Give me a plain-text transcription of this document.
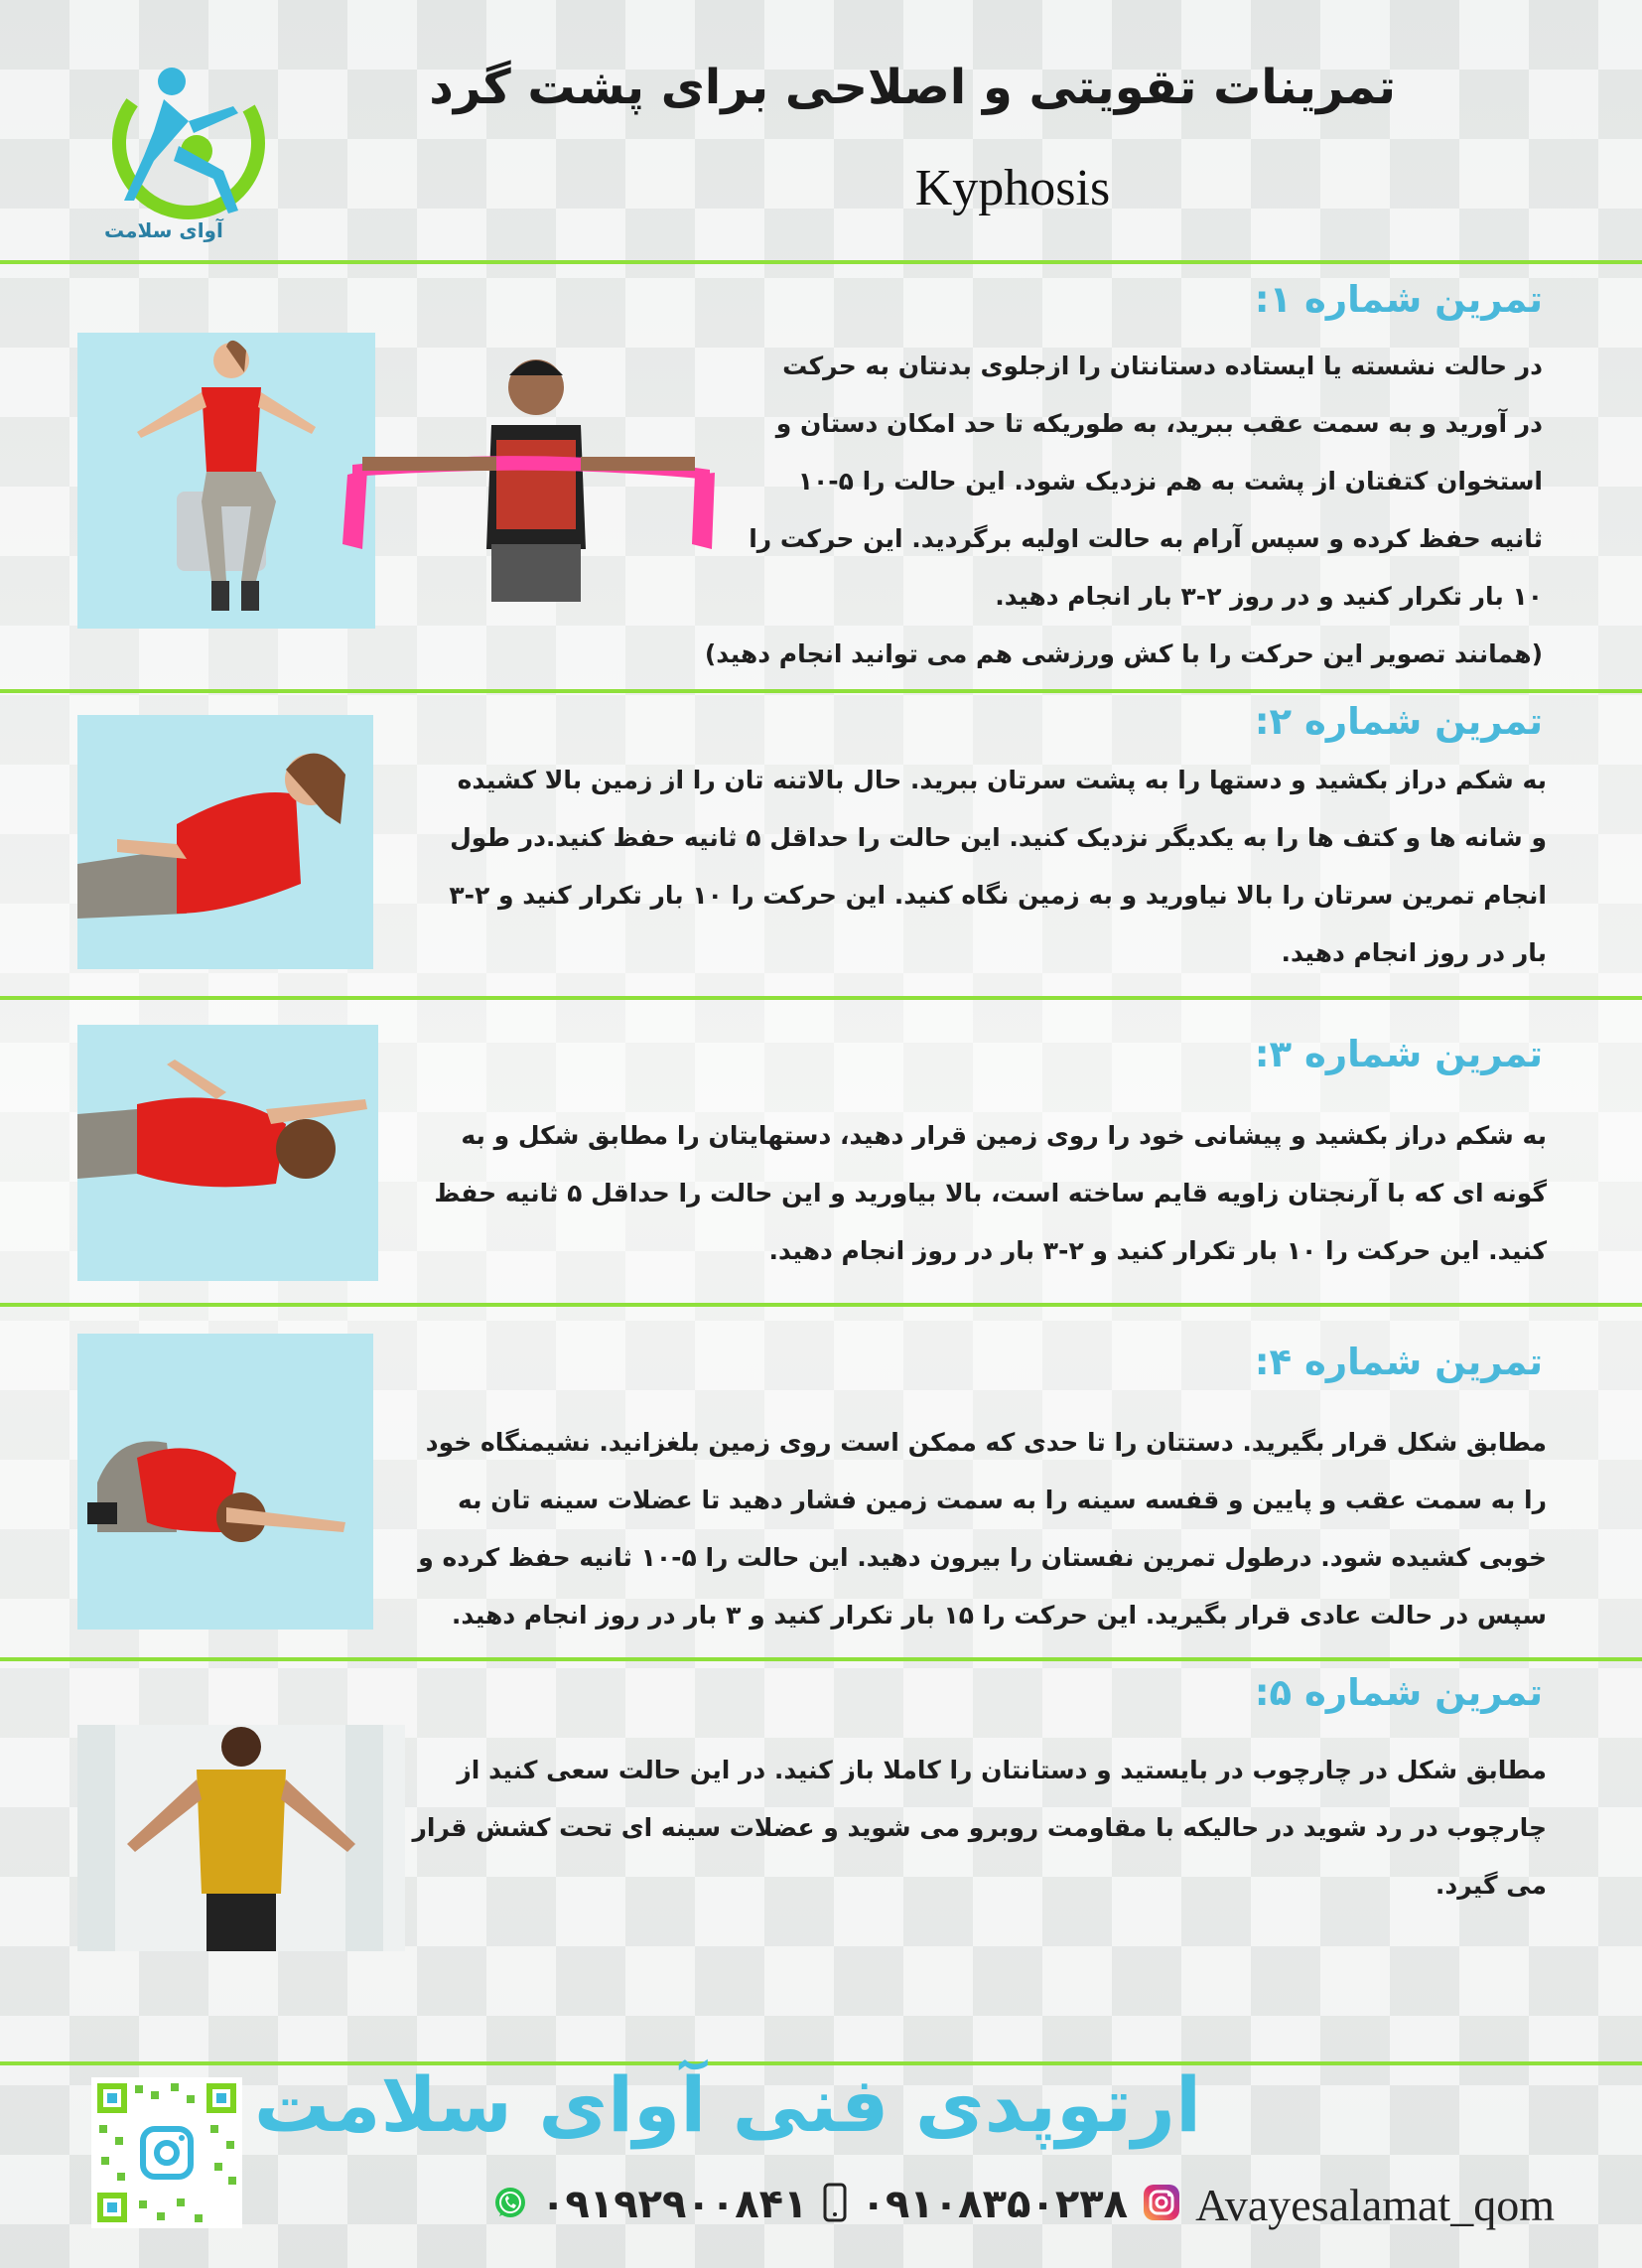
آوای سلامت
تمرینات تقویتی و اصلاحی برای پشت گرد
Kyphosis
تمرین شماره ۱:
در حالت نشسته یا ایستاده دستانتان را ازجلوی بدنتان به حرکت
در آورید و به سمت عقب ببرید، به طوریکه تا حد امکان دستان و
استخوان کتفتان از پشت به هم نزدیک شود. این حالت را ۵-۱۰
ثانیه حفظ کرده و سپس آرام به حالت اولیه برگردید. این حرکت را
۱۰ بار تکرار کنید و در روز ۲-۳ بار انجام دهید.
(همانند تصویر این حرکت را با کش ورزشی هم می توانید انجام دهید)
تمرین شماره ۲:
به شکم دراز بکشید و دستها را به پشت سرتان ببرید. حال بالاتنه تان را از زمین بالا کشیده
و شانه ها و کتف ها را به یکدیگر نزدیک کنید. این حالت را حداقل ۵ ثانیه حفظ کنید.در طول
انجام تمرین سرتان را بالا نیاورید و به زمین نگاه کنید. این حرکت را ۱۰ بار تکرار کنید و ۲-۳
بار در روز انجام دهید.
تمرین شماره ۳:
به شکم دراز بکشید و پیشانی خود را روی زمین قرار دهید، دستهایتان را مطابق شکل و به
گونه ای که با آرنجتان زاویه قایم ساخته است، بالا بیاورید و این حالت را حداقل ۵ ثانیه حفظ
کنید. این حرکت را ۱۰ بار تکرار کنید و ۲-۳ بار در روز انجام دهید.
تمرین شماره ۴:
مطابق شکل قرار بگیرید. دستتان را تا حدی که ممکن است روی زمین بلغزانید. نشیمنگاه خود
را به سمت عقب و پایین و قفسه سینه را به سمت زمین فشار دهید تا عضلات سینه تان به
خوبی کشیده شود. درطول تمرین نفستان را بیرون دهید. این حالت را ۵-۱۰ ثانیه حفظ کرده و
سپس در حالت عادی قرار بگیرید. این حرکت را ۱۵ بار تکرار کنید و ۳ بار در روز انجام دهید.
تمرین شماره ۵:
مطابق شکل در چارچوب در بایستید و دستانتان را کاملا باز کنید. در این حالت سعی کنید از
چارچوب در رد شوید در حالیکه با مقاومت روبرو می شوید و عضلات سینه ای تحت کشش قرار
می گیرد.
ارتوپدی فنی آوای سلامت
۰۹۱۹۲۹۰۰۸۴۱ ۰۹۱۰۸۳۵۰۲۳۸ Avayesalamat_qom
